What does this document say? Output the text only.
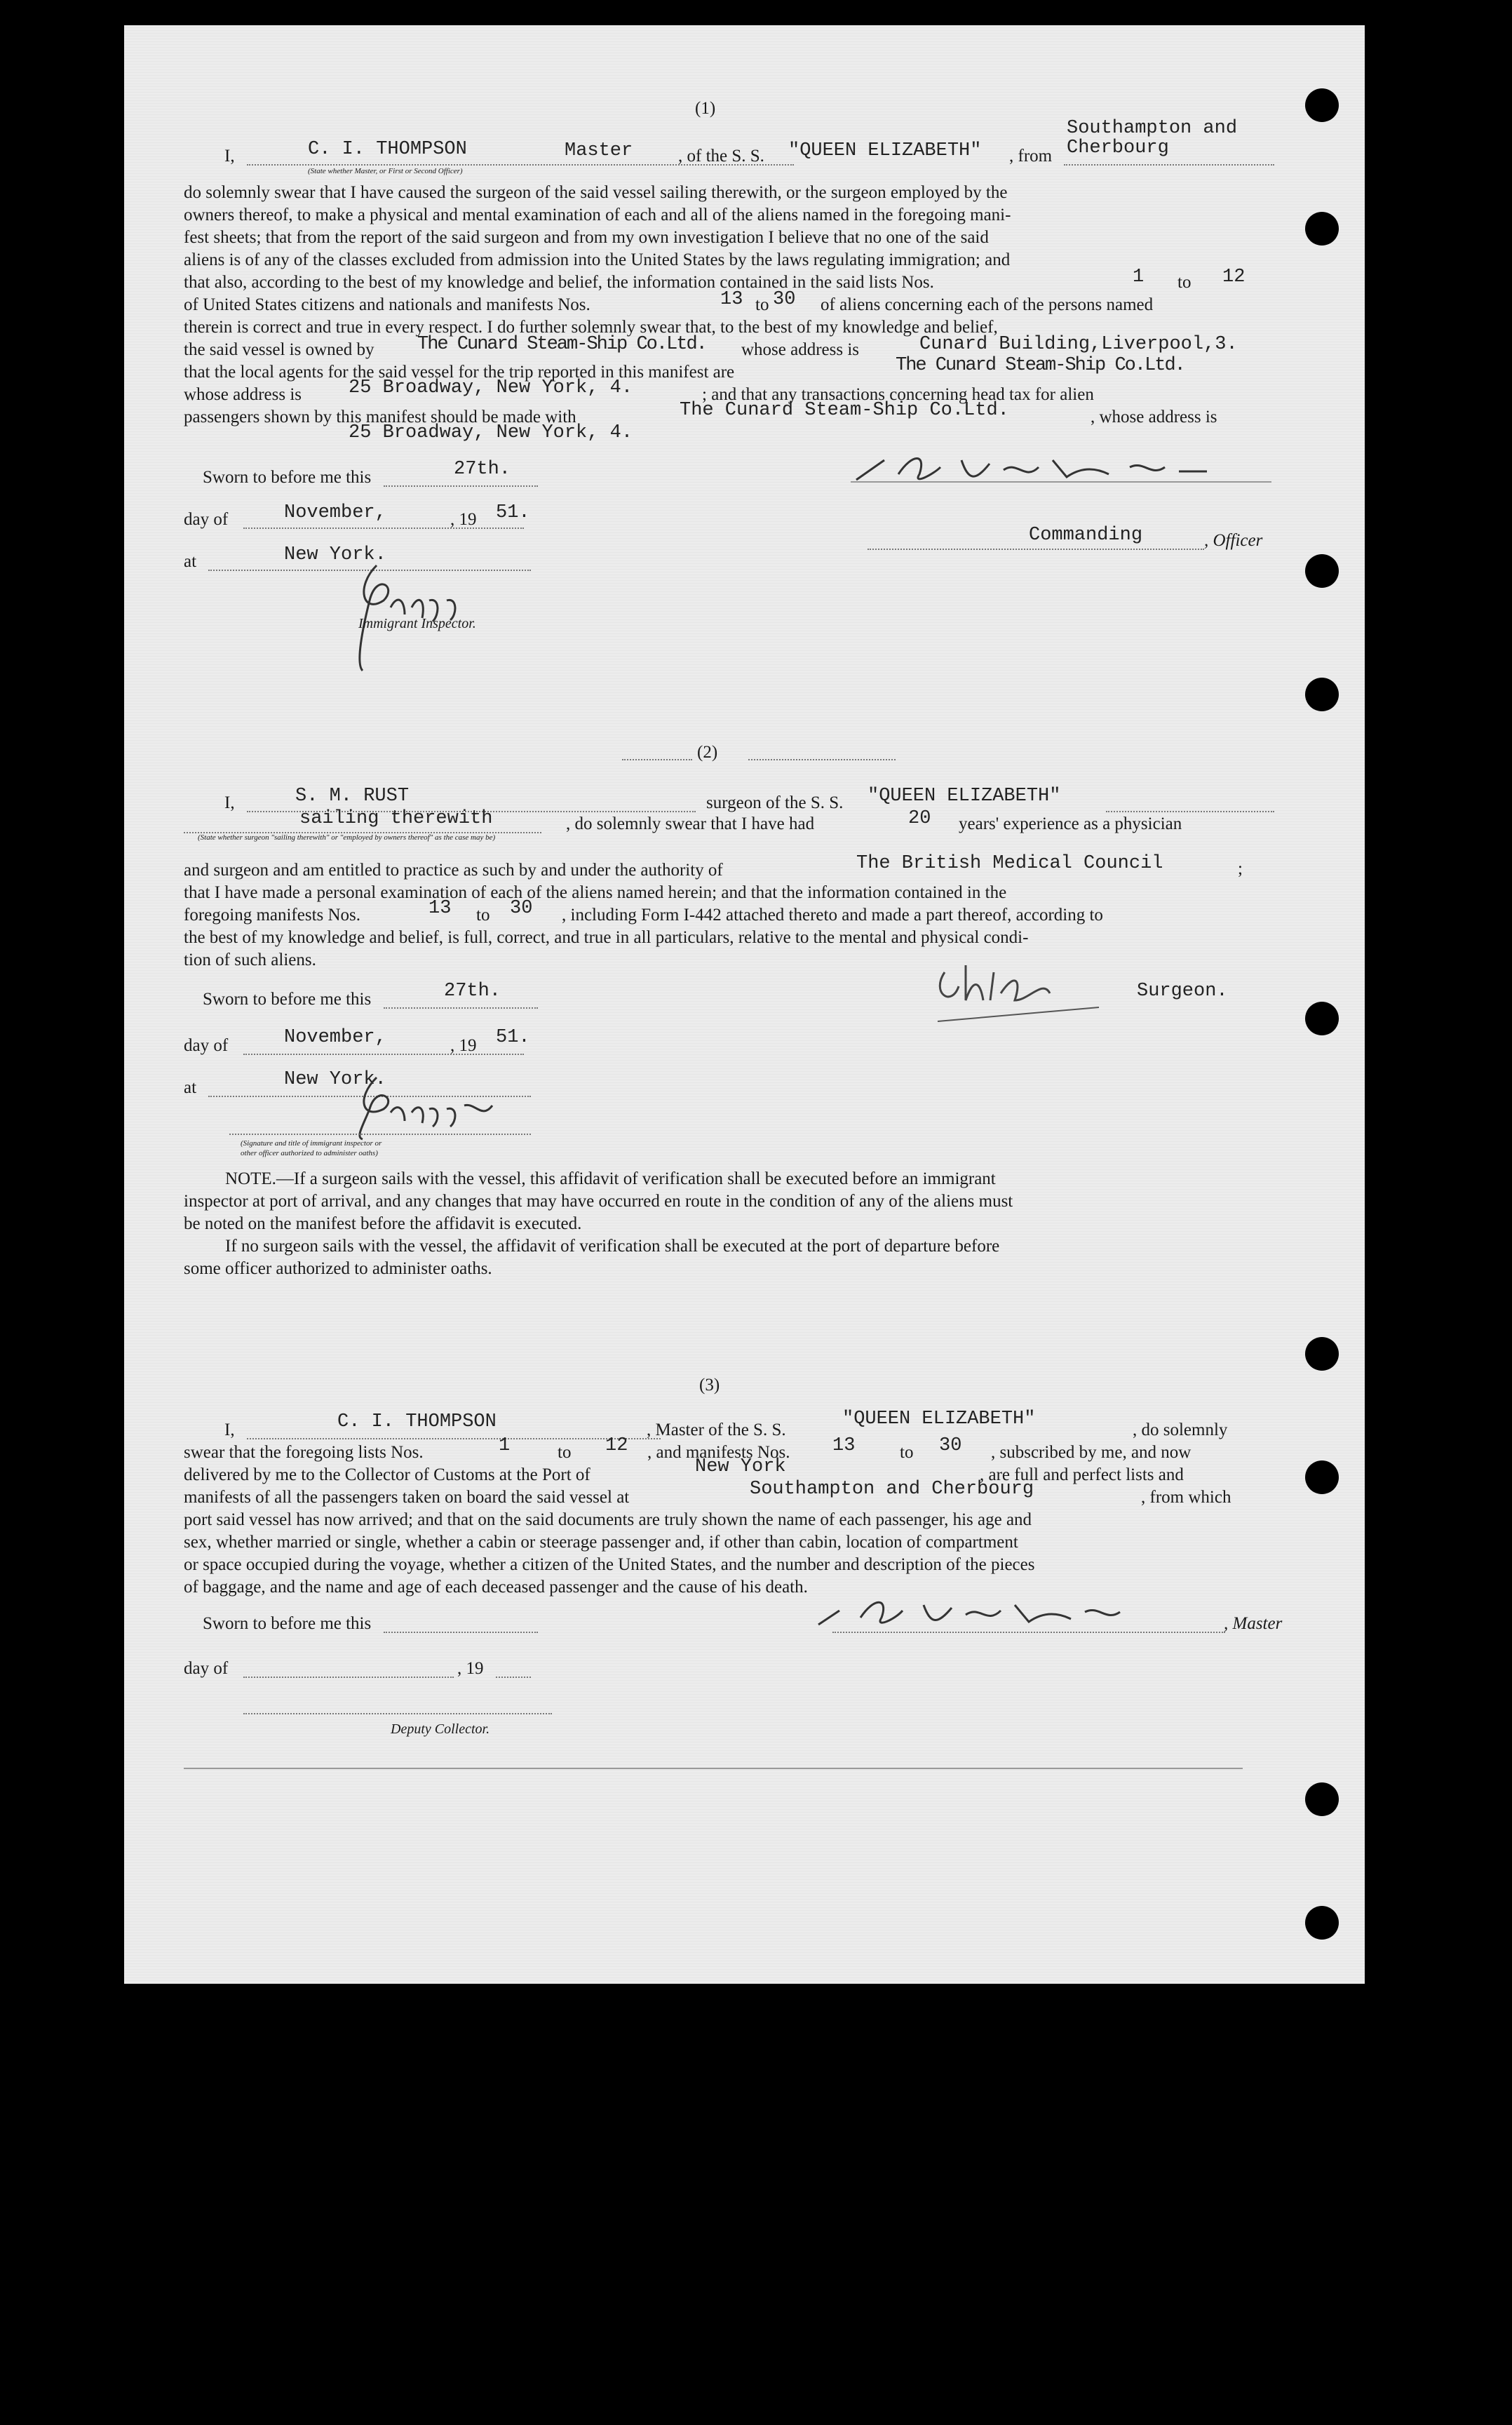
(1)
I,	C. I. THOMPSON	Master	, of the S. S. "QUEEN ELIZABETH" , from
Southampton and
Cherbourg
(State whether Master, or First or Second Officer)
do solemnly swear that I have caused the surgeon of the said vessel sailing therewith, or the surgeon employed by the
owners thereof, to make a physical and mental examination of each and all of the aliens named in the foregoing mani-
fest sheets; that from the report of the said surgeon and from my own investigation I believe that no one of the said
aliens is of any of the classes excluded from admission into the United States by the laws regulating immigration; and
that also, according to the best of my knowledge and belief, the information contained in the said lists Nos.	1 to 12
of United States citizens and nationals and manifests Nos.	13 to 30 of aliens concerning each of the persons named
therein is correct and true in every respect. I do further solemnly swear that, to the best of my knowledge and belief,
the said vessel is owned by The Cunard Steam-Ship Co.Ltd. whose address is	Cunard Building,Liverpool,3.
that the local agents for the said vessel for the trip reported in this manifest are	The Cunard Steam-Ship Co.Ltd.
whose address is 25 Broadway, New York, 4.	; and that any transactions concerning head tax for alien
passengers shown by this manifest should be made with	The Cunard Steam-Ship Co.Ltd.	, whose address is
25 Broadway, New York, 4.
Sworn to before me this	27th.
day of	November,	, 19 51.
at	New York.
Commanding	, Officer
Immigrant Inspector.
(2)
I,	S. M. RUST	surgeon of the S. S. "QUEEN ELIZABETH"
sailing therewith	, do solemnly swear that I have had	20 years' experience as a physician
(State whether surgeon "sailing therewith" or "employed by owners thereof" as the case may be)
and surgeon and am entitled to practice as such by and under the authority of	The British Medical Council	;
that I have made a personal examination of each of the aliens named herein; and that the information contained in the
foregoing manifests Nos.	13 to 30 , including Form I-442 attached thereto and made a part thereof, according to
the best of my knowledge and belief, is full, correct, and true in all particulars, relative to the mental and physical condi-
tion of such aliens.
Sworn to before me this	27th.	Surgeon.
day of	November,	, 19 51.
at	New York.
(Signature and title of immigrant inspector or
other officer authorized to administer oaths)
NOTE.—If a surgeon sails with the vessel, this affidavit of verification shall be executed before an immigrant
inspector at port of arrival, and any changes that may have occurred en route in the condition of any of the aliens must
be noted on the manifest before the affidavit is executed.
If no surgeon sails with the vessel, the affidavit of verification shall be executed at the port of departure before
some officer authorized to administer oaths.
(3)
I,	C. I. THOMPSON	, Master of the S. S.
"QUEEN ELIZABETH"
, do solemnly
swear that the foregoing lists Nos.	1	to 12 , and manifests Nos. 13	to 30 , subscribed by me, and now
delivered by me to the Collector of Customs at the Port of	New York	, are full and perfect lists and
manifests of all the passengers taken on board the said vessel at	Southampton and Cherbourg	, from which
port said vessel has now arrived; and that on the said documents are truly shown the name of each passenger, his age and
sex, whether married or single, whether a cabin or steerage passenger and, if other than cabin, location of compartment
or space occupied during the voyage, whether a citizen of the United States, and the number and description of the pieces
of baggage, and the name and age of each deceased passenger and the cause of his death.
Sworn to before me this	, Master
day of	, 19
Deputy Collector.
